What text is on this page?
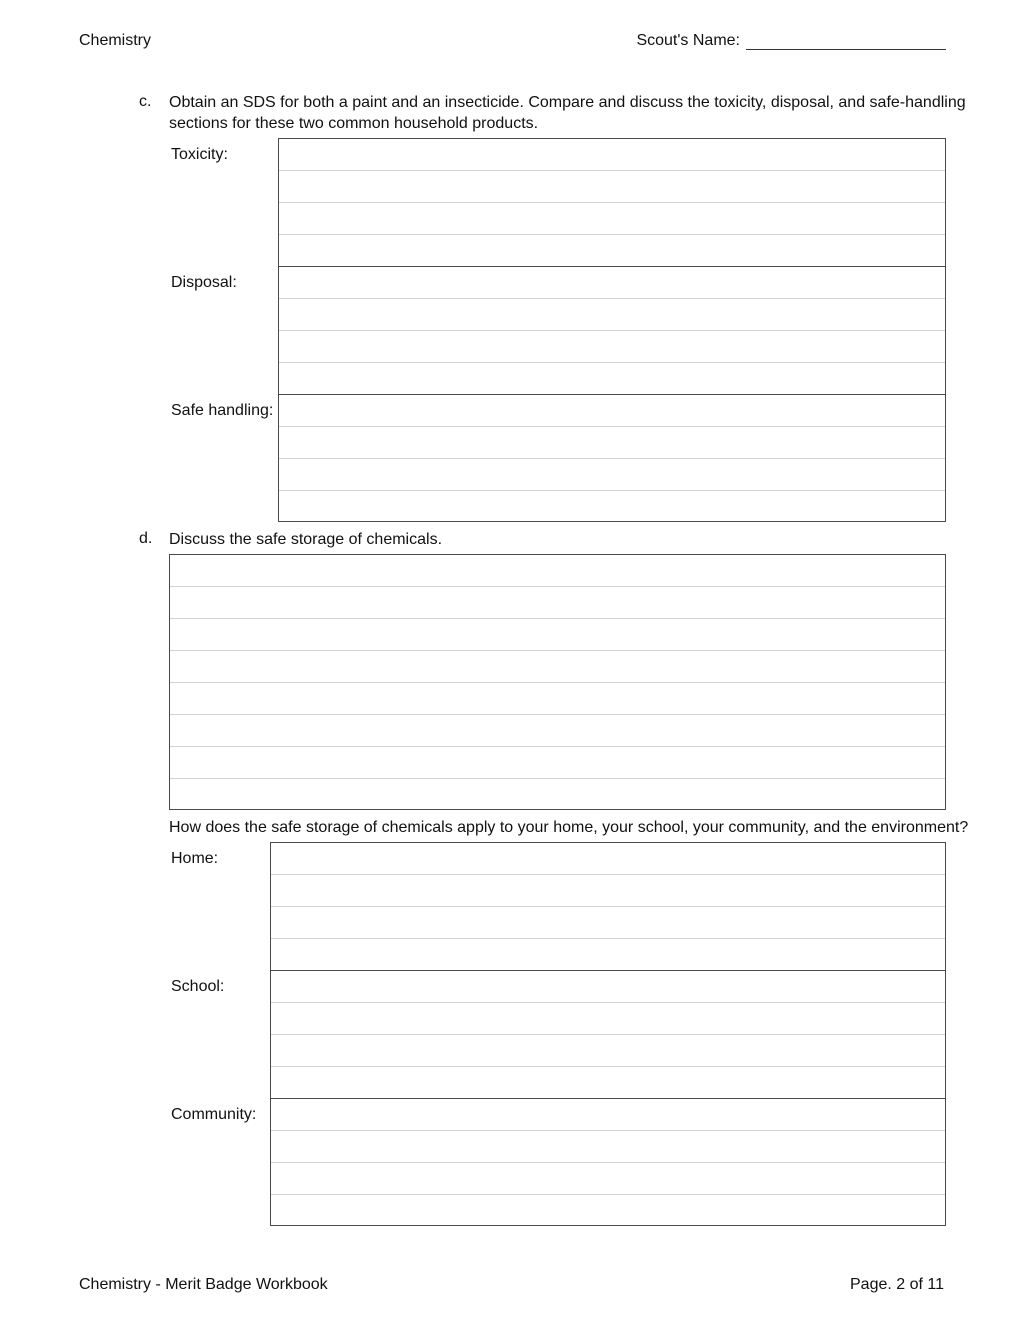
Chemistry	Scout's Name:
c. Obtain an SDS for both a paint and an insecticide. Compare and discuss the toxicity, disposal, and safe-handling
sections for these two common household products.
Toxicity:
Disposal:
Safe handling:
d. Discuss the safe storage of chemicals.
How does the safe storage of chemicals apply to your home, your school, your community, and the environment?
Home:
School:
Community:
Chemistry - Merit Badge Workbook	Page. 2 of 11
